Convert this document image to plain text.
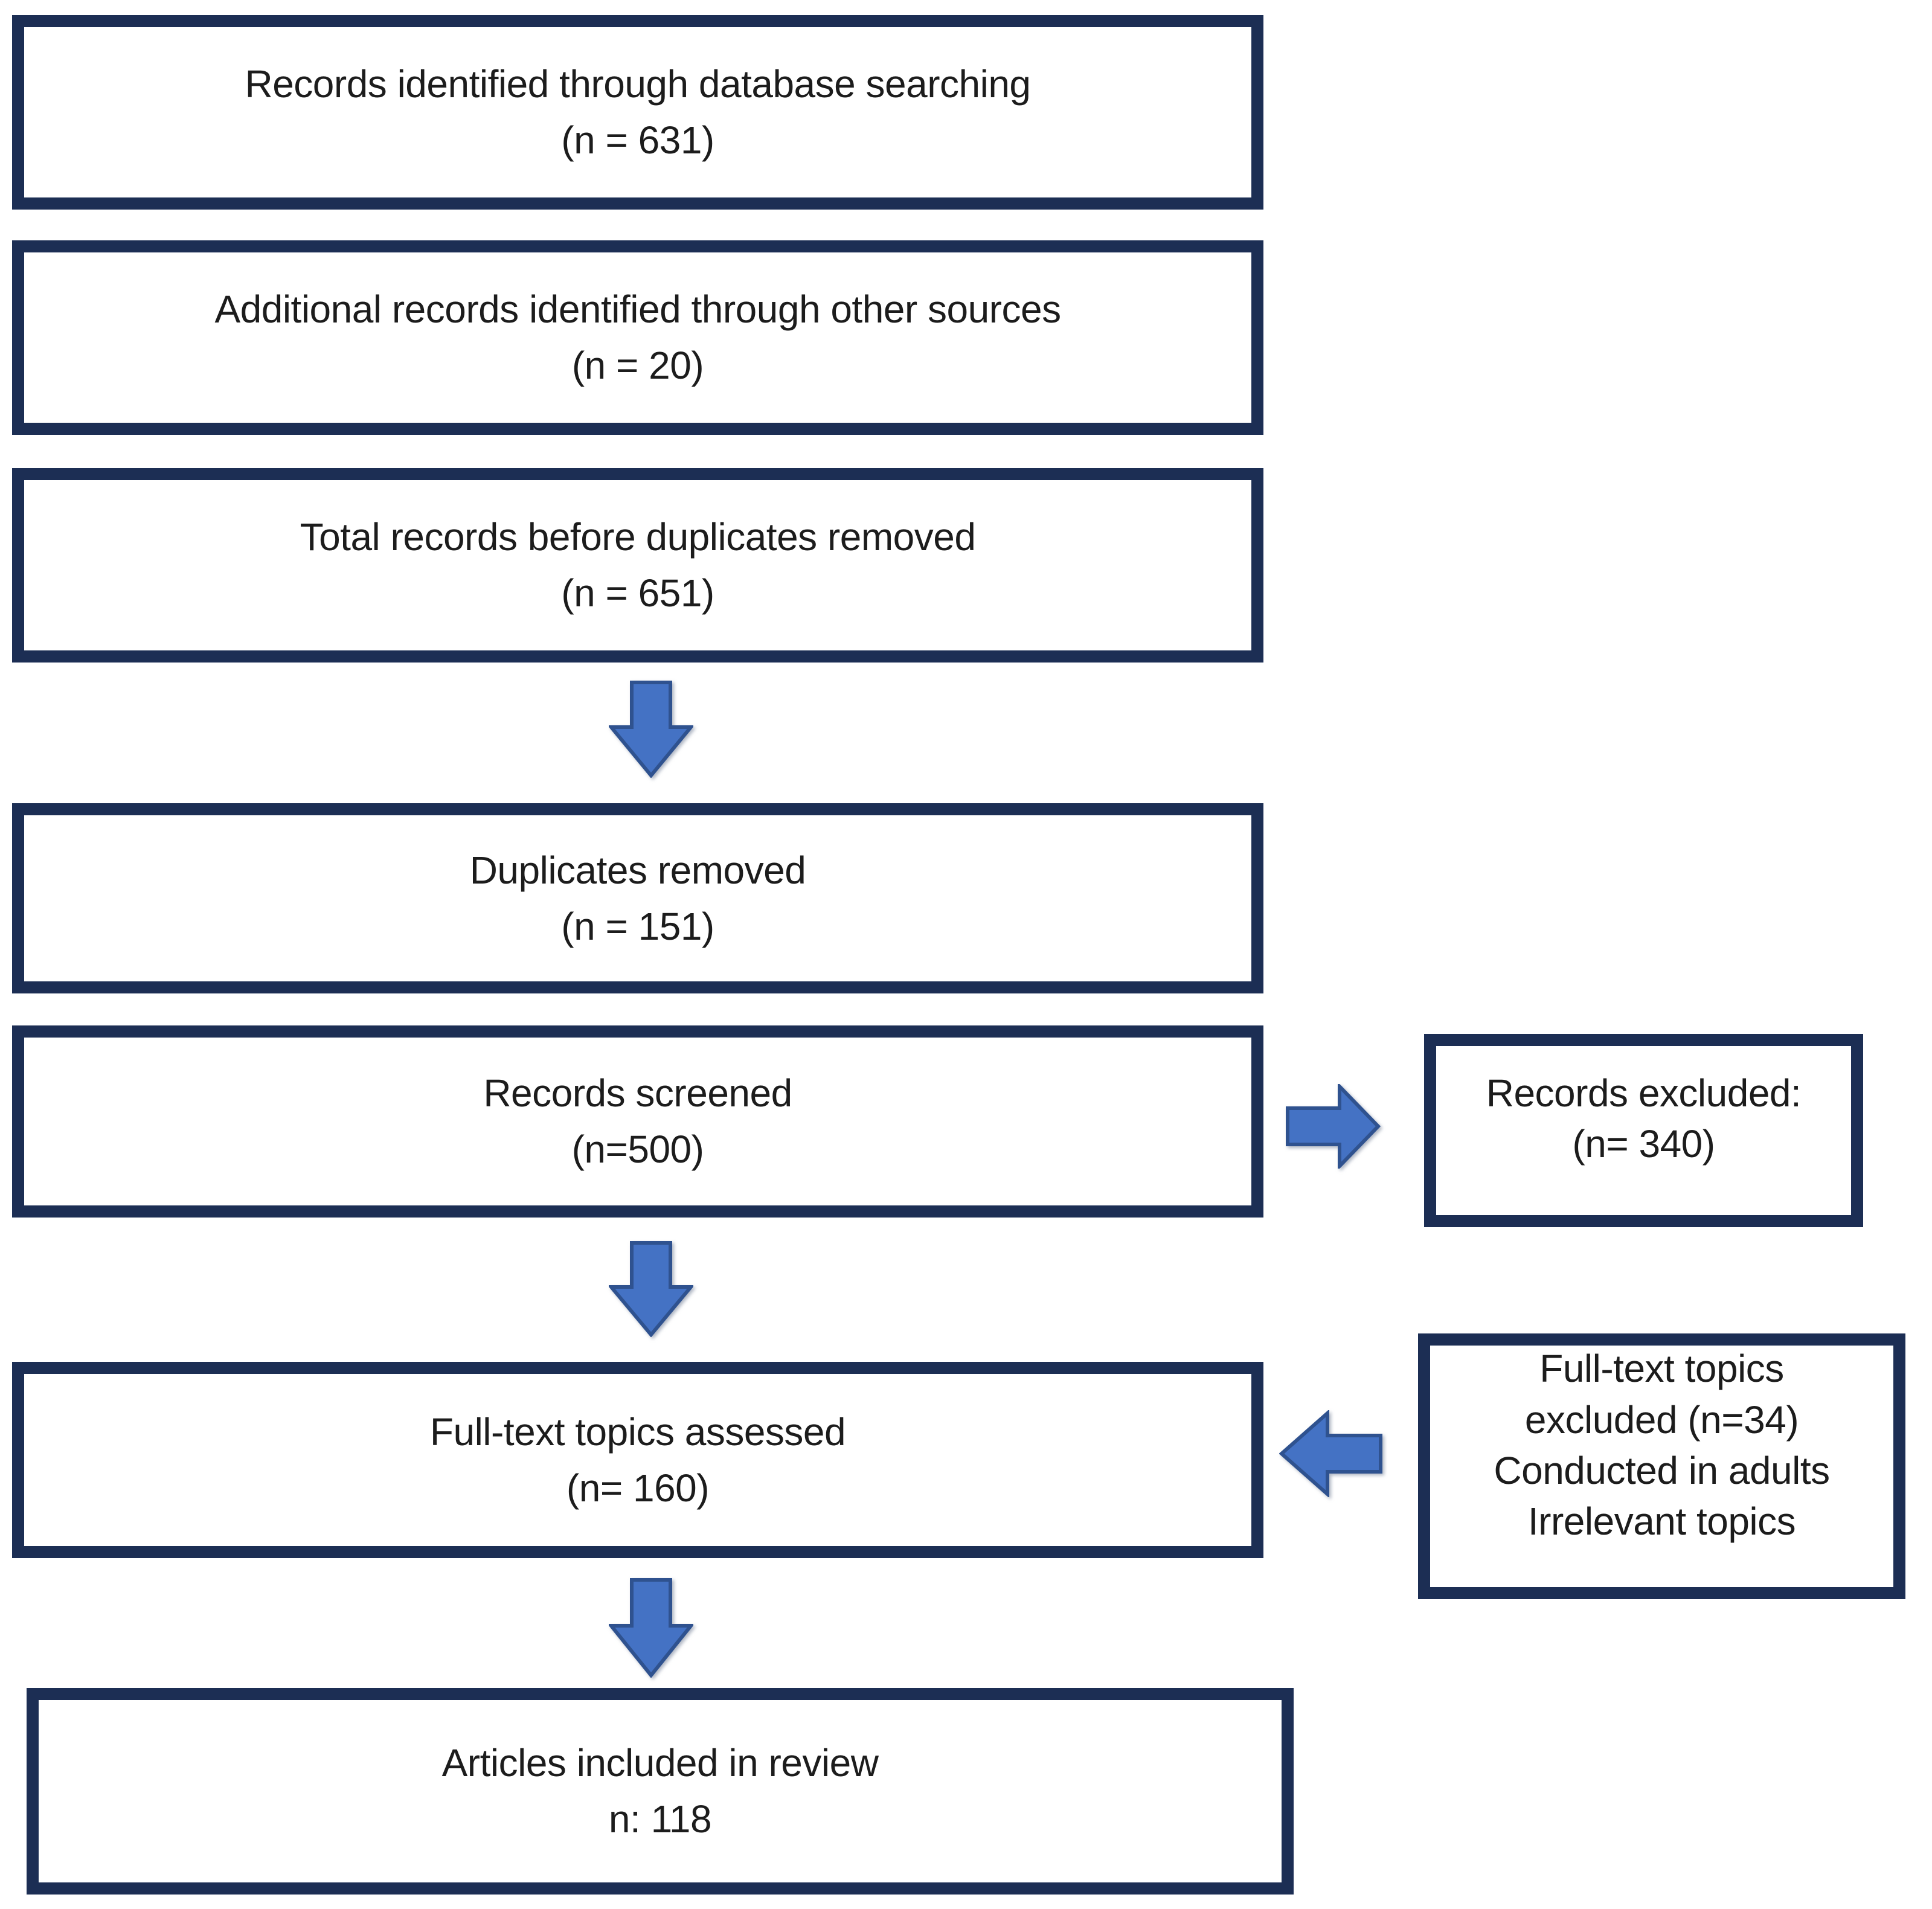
Records identified through database searching
(n = 631)
Additional records identified through other sources
(n = 20)
Total records before duplicates removed
(n = 651)
Duplicates removed
(n = 151)
Records screened
(n=500)
Records excluded:
(n= 340)
Full-text topics assessed
(n= 160)
Full-text topics
excluded (n=34)
Conducted in adults
Irrelevant topics
Articles included in review
n: 118
